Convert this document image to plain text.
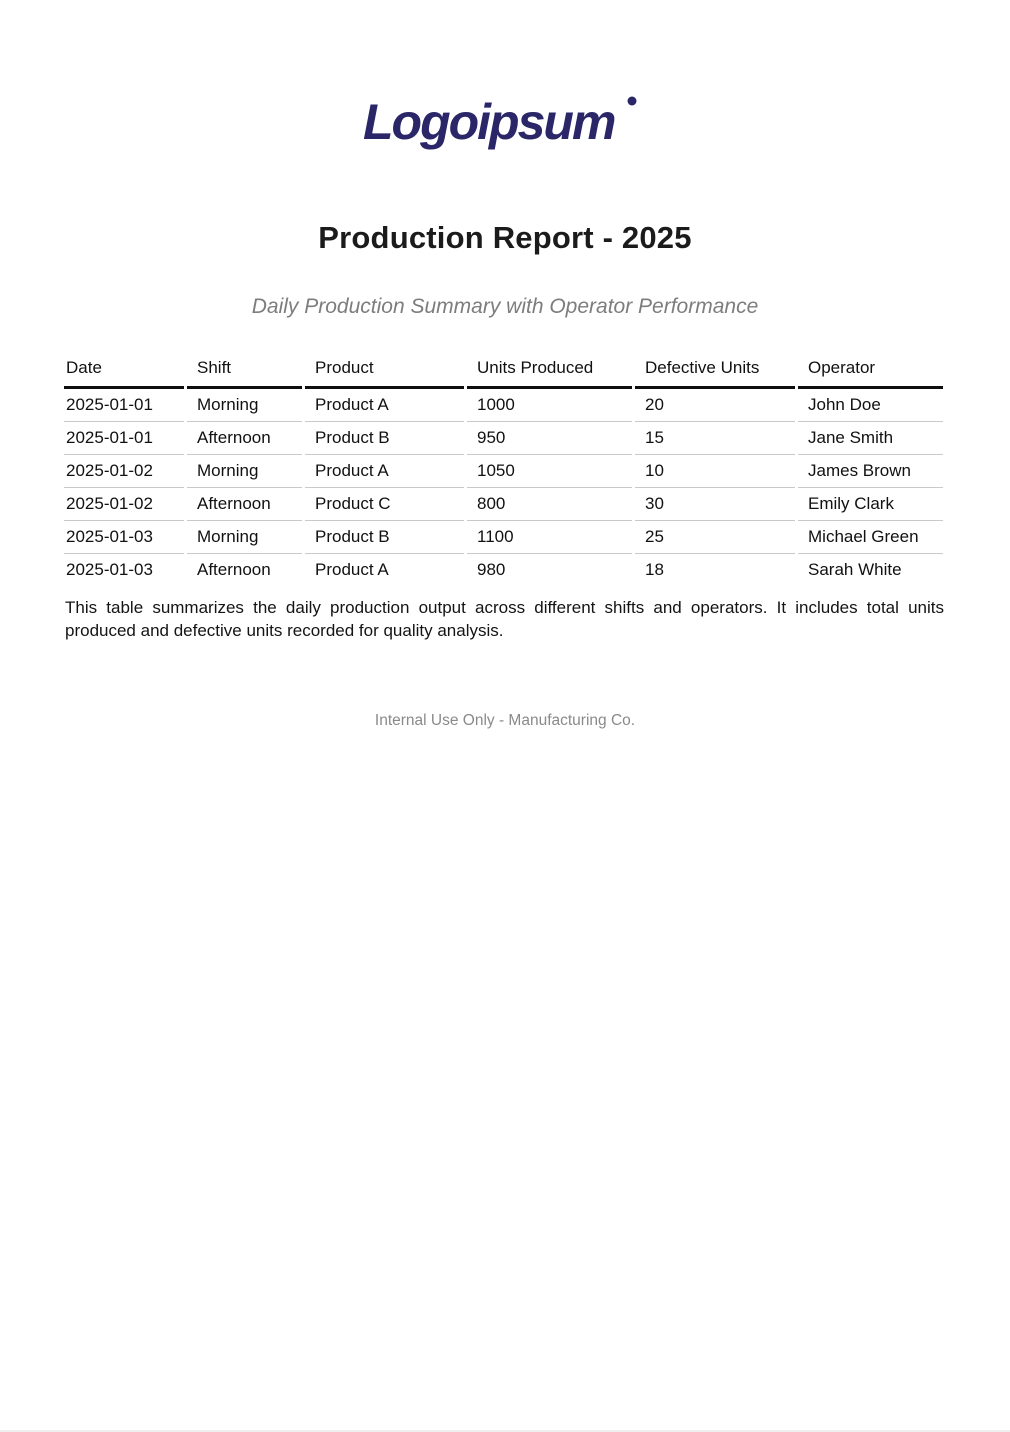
Logoipsum
Production Report - 2025
Daily Production Summary with Operator Performance
Date	Shift	Product	Units Produced	Defective Units	Operator
2025-01-01	Morning	Product A	1000	20	John Doe
2025-01-01	Afternoon	Product B	950	15	Jane Smith
2025-01-02	Morning	Product A	1050	10	James Brown
2025-01-02	Afternoon	Product C	800	30	Emily Clark
2025-01-03	Morning	Product B	1100	25	Michael Green
2025-01-03	Afternoon	Product A	980	18	Sarah White

This table summarizes the daily production output across different shifts and operators. It includes total units produced and defective units recorded for quality analysis.

Internal Use Only - Manufacturing Co.
